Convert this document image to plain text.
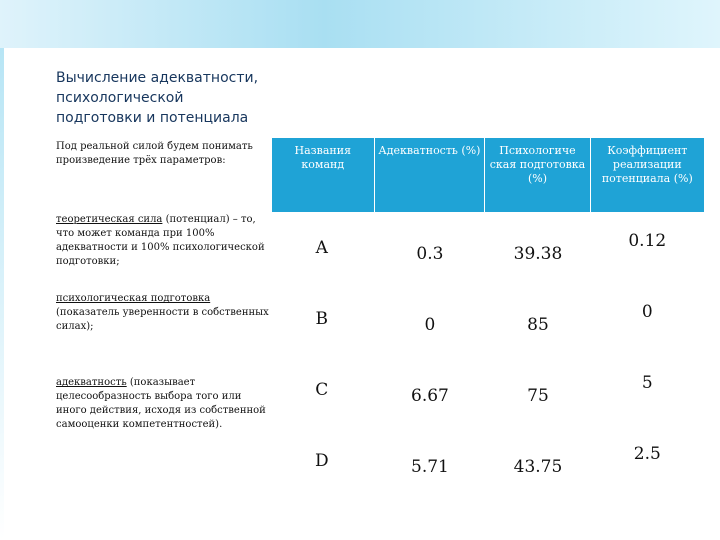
Вычисление адекватности,
психологической
подготовки и потенциала

Под реальной силой будем понимать произведение трёх параметров:

теоретическая сила (потенциал) – то, что может команда при 100% адекватности и 100% психологической подготовки;

психологическая подготовка (показатель уверенности в собственных силах);

адекватность (показывает целесообразность выбора того или иного действия, исходя из собственной самооценки компетентностей).

Названия команд	Адекватность (%)	Психологиче ская подготовка (%)	Коэффициент реализации потенциала (%)
A	0.3	39.38	0.12
B	0	85	0
C	6.67	75	5
D	5.71	43.75	2.5
